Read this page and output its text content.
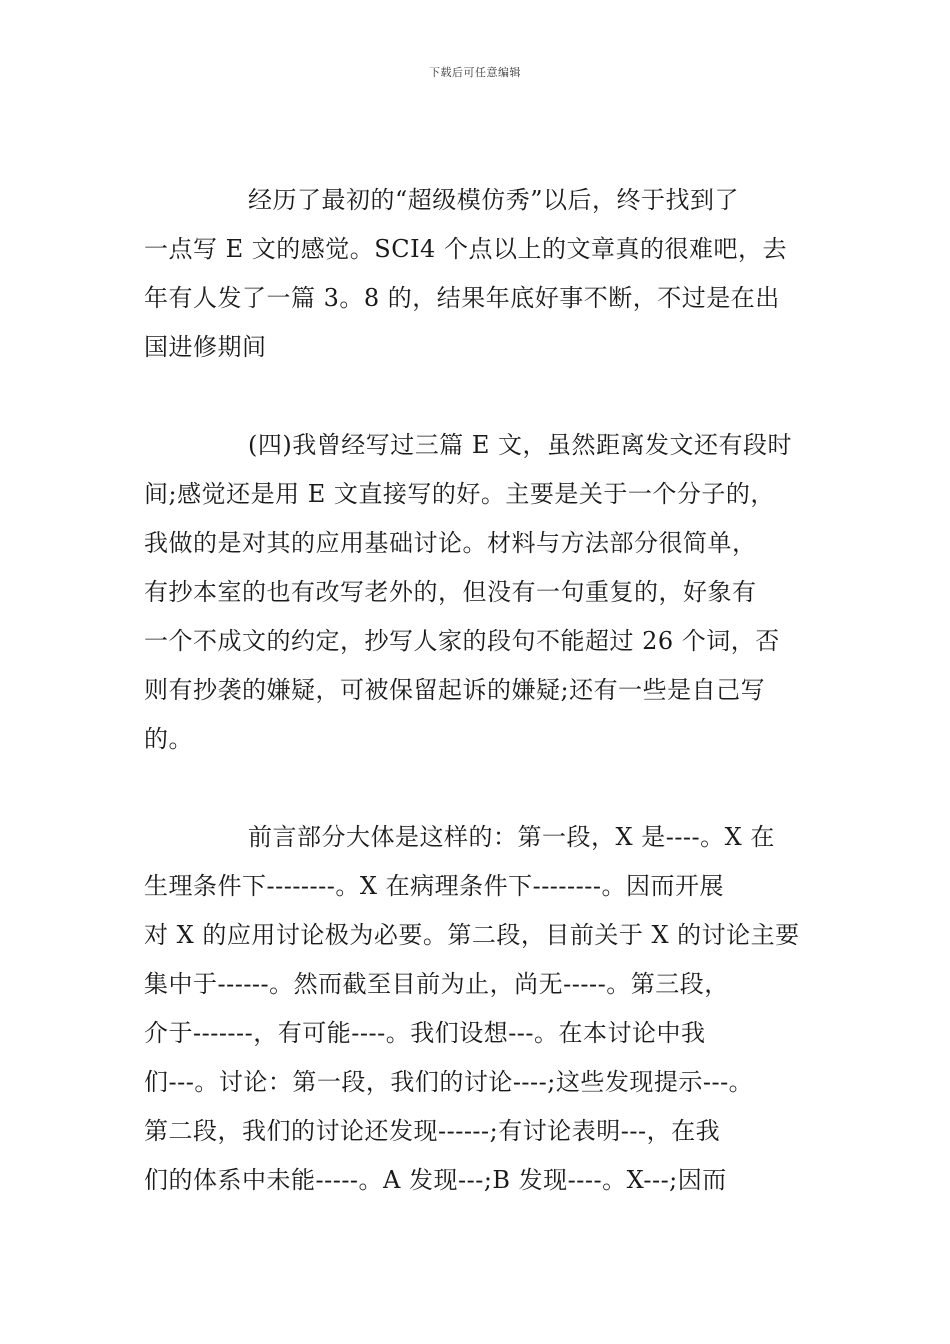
下载后可任意编辑
经历了最初的“超级模仿秀”以后，终于找到了
一点写 E 文的感觉。SCI4 个点以上的文章真的很难吧，去
年有人发了一篇 3。8 的，结果年底好事不断，不过是在出
国进修期间
(四)我曾经写过三篇 E 文，虽然距离发文还有段时
间;感觉还是用 E 文直接写的好。主要是关于一个分子的，
我做的是对其的应用基础讨论。材料与方法部分很简单，
有抄本室的也有改写老外的，但没有一句重复的，好象有
一个不成文的约定，抄写人家的段句不能超过 26 个词，否
则有抄袭的嫌疑，可被保留起诉的嫌疑;还有一些是自己写
的。
前言部分大体是这样的：第一段，X 是----。X 在
生理条件下--------。X 在病理条件下--------。因而开展
对 X 的应用讨论极为必要。第二段，目前关于 X 的讨论主要
集中于------。然而截至目前为止，尚无-----。第三段，
介于-------，有可能----。我们设想---。在本讨论中我
们---。讨论：第一段，我们的讨论----;这些发现提示---。
第二段，我们的讨论还发现------;有讨论表明---，在我
们的体系中未能-----。A 发现---;B 发现----。X---;因而
